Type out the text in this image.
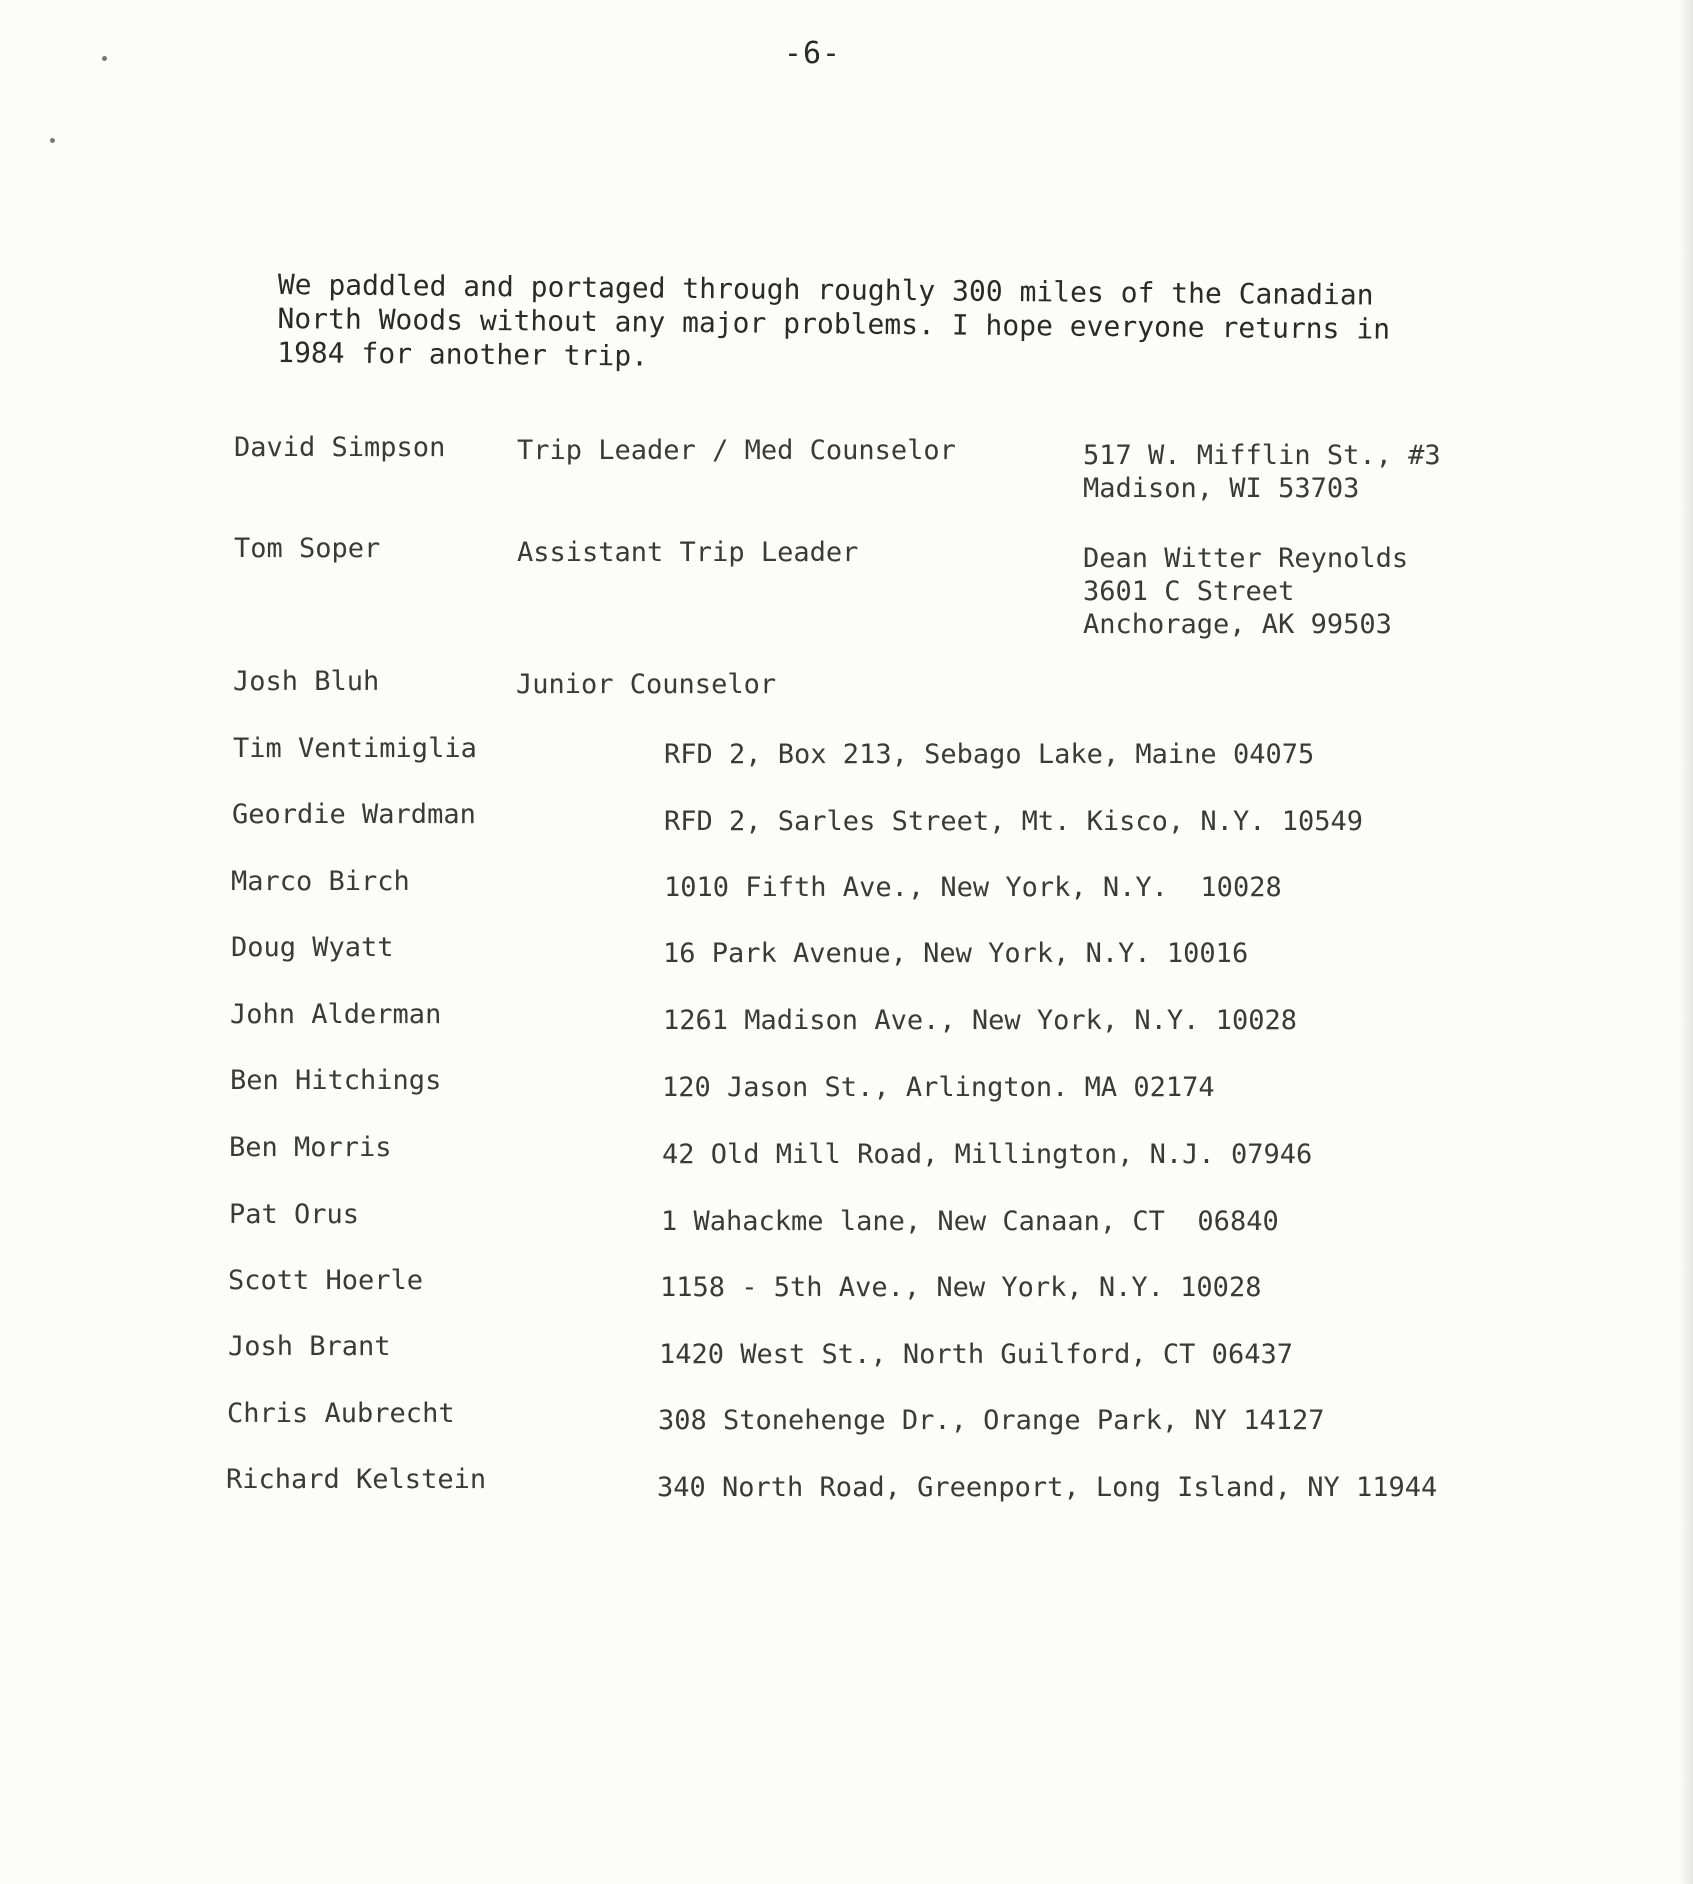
-6-
We paddled and portaged through roughly 300 miles of the Canadian North Woods without any major problems. I hope everyone returns in 1984 for another trip.
David Simpson	Trip Leader / Med Counselor	517 W. Mifflin St., #3
Madison, WI 53703
Tom Soper	Assistant Trip Leader	Dean Witter Reynolds
3601 C Street
Anchorage, AK 99503
Josh Bluh	Junior Counselor
Tim Ventimiglia	RFD 2, Box 213, Sebago Lake, Maine 04075
Geordie Wardman	RFD 2, Sarles Street, Mt. Kisco, N.Y. 10549
Marco Birch	1010 Fifth Ave., New York, N.Y.  10028
Doug Wyatt	16 Park Avenue, New York, N.Y. 10016
John Alderman	1261 Madison Ave., New York, N.Y. 10028
Ben Hitchings	120 Jason St., Arlington. MA 02174
Ben Morris	42 Old Mill Road, Millington, N.J. 07946
Pat Orus	1 Wahackme lane, New Canaan, CT  06840
Scott Hoerle	1158 - 5th Ave., New York, N.Y. 10028
Josh Brant	1420 West St., North Guilford, CT 06437
Chris Aubrecht	308 Stonehenge Dr., Orange Park, NY 14127
Richard Kelstein	340 North Road, Greenport, Long Island, NY 11944
